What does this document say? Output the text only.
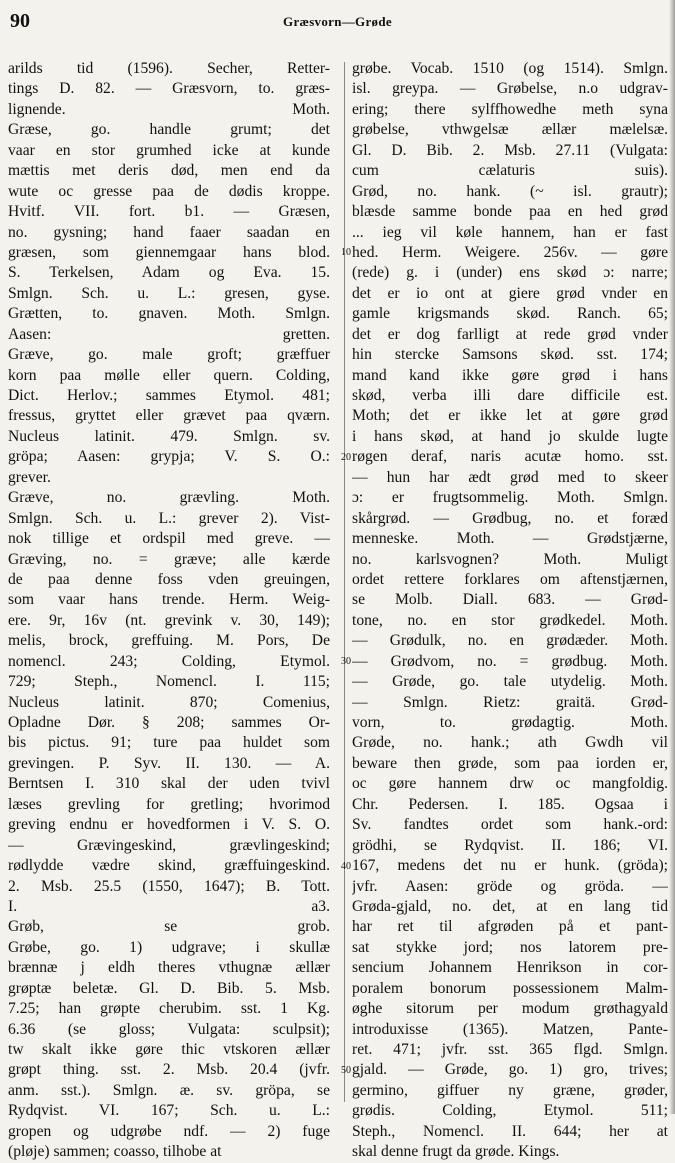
90	Græsvorn—Grøde
arilds tid (1596). Secher, Retter-
tings D. 82. — Græsvorn, to. græs-
lignende. Moth.
Græse, go. handle grumt; det
vaar en stor grumhed icke at kunde
mættis met deris død, men end da
wute oc gresse paa de dødis kroppe.
Hvitf. VII. fort. b1. — Græsen,
no. gysning; hand faaer saadan en
græsen, som giennemgaar hans blod.
S. Terkelsen, Adam og Eva. 15.
Smlgn. Sch. u. L.: gresen, gyse.
Grætten, to. gnaven. Moth. Smlgn.
Aasen: gretten.
Græve, go. male groft; græffuer
korn paa mølle eller quern. Colding,
Dict. Herlov.; sammes Etymol. 481;
fressus, gryttet eller grævet paa qværn.
Nucleus latinit. 479. Smlgn. sv.
gröpa; Aasen: grypja; V. S. O.:
grever.
Græve, no. grævling. Moth.
Smlgn. Sch. u. L.: grever 2). Vist-
nok tillige et ordspil med greve. —
Græving, no. = græve; alle kærde
de paa denne foss vden greuingen,
som vaar hans trende. Herm. Weig-
ere. 9r, 16v (nt. grevink v. 30, 149);
melis, brock, greffuing. M. Pors, De
nomencl. 243; Colding, Etymol.
729; Steph., Nomencl. I. 115;
Nucleus latinit. 870; Comenius,
Opladne Dør. § 208; sammes Or-
bis pictus. 91; ture paa huldet som
grevingen. P. Syv. II. 130. — A.
Berntsen I. 310 skal der uden tvivl
læses grevling for gretling; hvorimod
greving endnu er hovedformen i V. S. O.
— Grævingeskind, grævlingeskind;
rødlydde vædre skind, græffuingeskind.
2. Msb. 25.5 (1550, 1647); B. Tott.
I. a3.
Grøb, se grob.
Grøbe, go. 1) udgrave; i skullæ
brænnæ j eldh theres vthugnæ ællær
grøptæ beletæ. Gl. D. Bib. 5. Msb.
7.25; han grøpte cherubim. sst. 1 Kg.
6.36 (se gloss; Vulgata: sculpsit);
tw skalt ikke gøre thic vtskoren ællær
grøpt thing. sst. 2. Msb. 20.4 (jvfr.
anm. sst.). Smlgn. æ. sv. gröpa, se
Rydqvist. VI. 167; Sch. u. L.:
gropen og udgrøbe ndf. — 2) fuge
(pløje) sammen; coasso, tilhobe at
10
20
30
40
50
grøbe. Vocab. 1510 (og 1514). Smlgn.
isl. greypa. — Grøbelse, n.o udgrav-
ering; there sylffhowedhe meth syna
grøbelse, vthwgelsæ ællær mælelsæ.
Gl. D. Bib. 2. Msb. 27.11 (Vulgata:
cum cælaturis suis).
Grød, no. hank. (~ isl. grautr);
blæsde samme bonde paa en hed grød
... ieg vil køle hannem, han er fast
hed. Herm. Weigere. 256v. — gøre
(rede) g. i (under) ens skød ɔ: narre;
det er io ont at giere grød vnder en
gamle krigsmands skød. Ranch. 65;
det er dog farlligt at rede grød vnder
hin stercke Samsons skød. sst. 174;
mand kand ikke gøre grød i hans
skød, verba illi dare difficile est.
Moth; det er ikke let at gøre grød
i hans skød, at hand jo skulde lugte
røgen deraf, naris acutæ homo. sst.
— hun har ædt grød med to skeer
ɔ: er frugtsommelig. Moth. Smlgn.
skårgrød. — Grødbug, no. et foræd
menneske. Moth. — Grødstjærne,
no. karlsvognen? Moth. Muligt
ordet rettere forklares om aftenstjærnen,
se Molb. Diall. 683. — Grød-
tone, no. en stor grødkedel. Moth.
— Grødulk, no. en grødæder. Moth.
— Grødvom, no. = grødbug. Moth.
— Grøde, go. tale utydelig. Moth.
— Smlgn. Rietz: graitä. Grød-
vorn, to. grødagtig. Moth.
Grøde, no. hank.; ath Gwdh vil
beware then grøde, som paa iorden er,
oc gøre hannem drw oc mangfoldig.
Chr. Pedersen. I. 185. Ogsaa i
Sv. fandtes ordet som hank.-ord:
grödhi, se Rydqvist. II. 186; VI.
167, medens det nu er hunk. (gröda);
jvfr. Aasen: gröde og gröda. —
Grøda-gjald, no. det, at en lang tid
har ret til afgrøden på et pant-
sat stykke jord; nos latorem pre-
sencium Johannem Henrikson in cor-
poralem bonorum possessionem Malm-
øghe sitorum per modum grøthagyald
introduxisse (1365). Matzen, Pante-
ret. 471; jvfr. sst. 365 flgd. Smlgn.
gjald. — Grøde, go. 1) gro, trives;
germino, giffuer ny græne, grøder,
grødis. Colding, Etymol. 511;
Steph., Nomencl. II. 644; her at
skal denne frugt da grøde. Kings.
